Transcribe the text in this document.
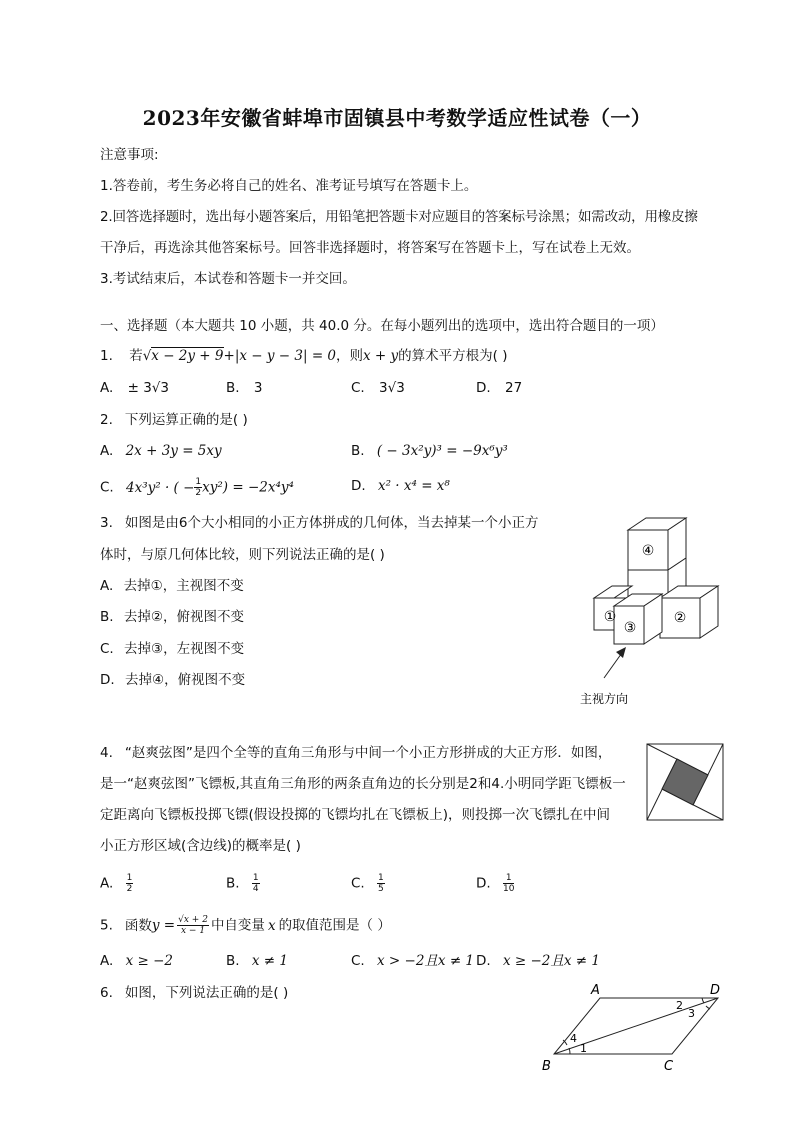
2023年安徽省蚌埠市固镇县中考数学适应性试卷（一）
注意事项:
1.答卷前，考生务必将自己的姓名、准考证号填写在答题卡上。
2.回答选择题时，选出每小题答案后，用铅笔把答题卡对应题目的答案标号涂黑；如需改动，用橡皮擦
干净后，再选涂其他答案标号。回答非选择题时，将答案写在答题卡上，写在试卷上无效。
3.考试结束后，本试卷和答题卡一并交回。
一、选择题（本大题共 10 小题，共 40.0 分。在每小题列出的选项中，选出符合题目的一项）
1. 若√x − 2y + 9+|x − y − 3| = 0，则x + y的算术平方根为( )
A. ± 3√3	B. 3	C. 3√3	D. 27
2. 下列运算正确的是( )
A. 2x + 3y = 5xy	B. ( − 3x²y)³ = −9x⁶y³
C. 4x³y² · ( − $\frac{1}{2} xy^2) = -2x^4y^4$	D. x² · x⁴ = x⁸
3. 如图是由6个大小相同的小正方体拼成的几何体，当去掉某一个小正方
体时，与原几何体比较，则下列说法正确的是( )
A. 去掉①，主视图不变
B. 去掉②，俯视图不变
C. 去掉③，左视图不变
D. 去掉④，俯视图不变
④
①	②
③
主视方向
4. “赵爽弦图”是四个全等的直角三角形与中间一个小正方形拼成的大正方形．如图，
是一“赵爽弦图”飞镖板,其直角三角形的两条直角边的长分别是2和4.小明同学距飞镖板一
定距离向飞镖板投掷飞镖(假设投掷的飞镖均扎在飞镖板上)，则投掷一次飞镖扎在中间
小正方形区域(含边线)的概率是( )
A. $\frac{1}{2}$	B. $\frac{1}{4}$	C. $\frac{1}{5}$	D. $\frac{1}{10}$
5. 函数$y = \frac{√x + 2}{x - 1}$ 中自变量 x 的取值范围是（ ）
A. x ≥ −2	B. x ≠ 1	C. x > −2且x ≠ 1 D. x ≥ −2且x ≠ 1
6. 如图，下列说法正确的是( )	A	D
B	C
1
4
2
3
